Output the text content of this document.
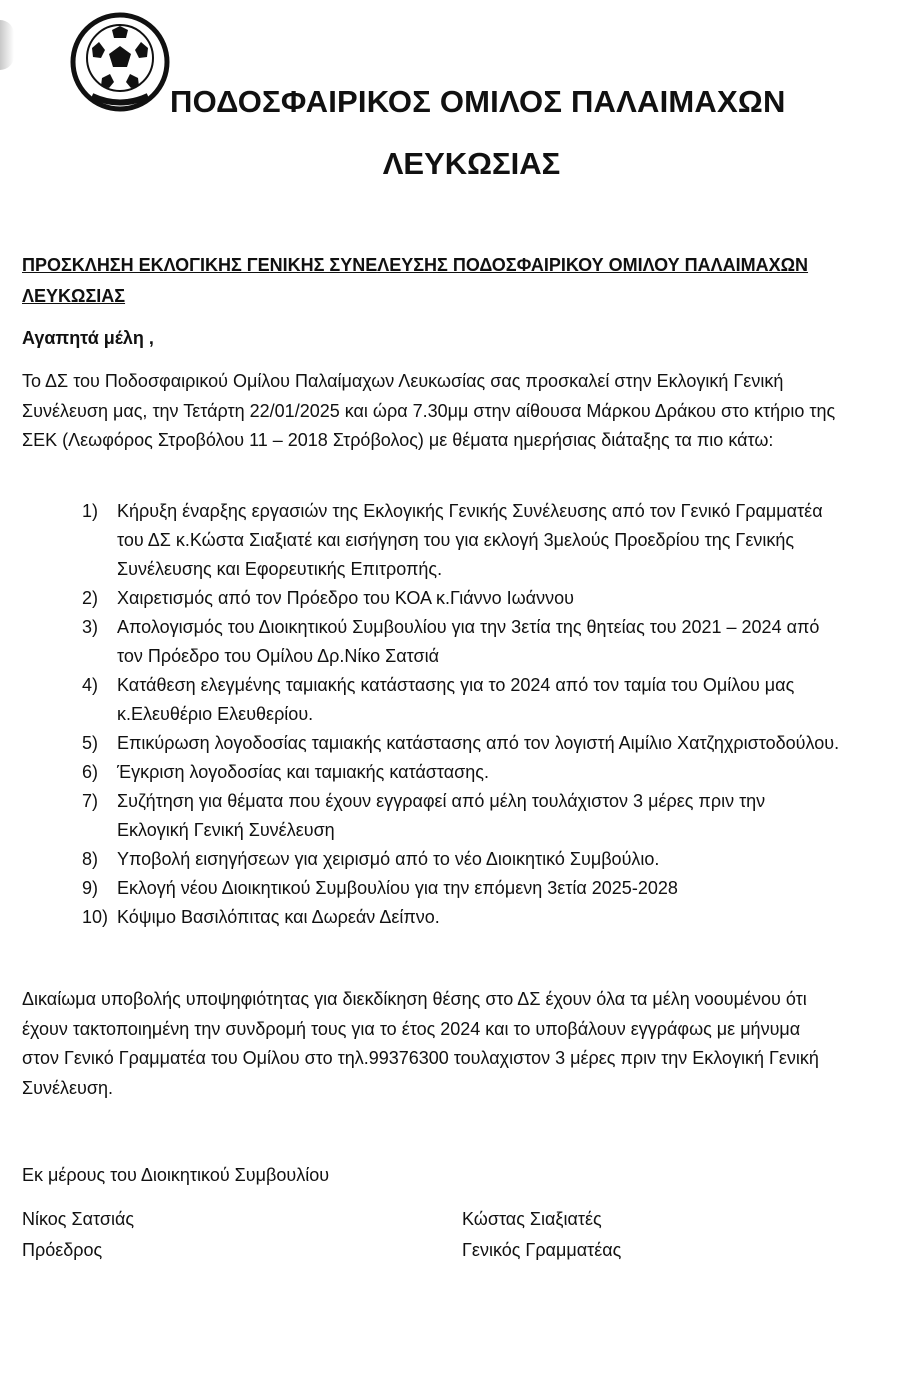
ΠΟΔΟΣΦΑΙΡΙΚΟΣ ΟΜΙΛΟΣ ΠΑΛΑΙΜΑΧΩΝ
ΛΕΥΚΩΣΙΑΣ
ΠΡΟΣΚΛΗΣΗ ΕΚΛΟΓΙΚΗΣ ΓΕΝΙΚΗΣ ΣΥΝΕΛΕΥΣΗΣ ΠΟΔΟΣΦΑΙΡΙΚΟΥ ΟΜΙΛΟΥ ΠΑΛΑΙΜΑΧΩΝ ΛΕΥΚΩΣΙΑΣ
Αγαπητά μέλη ,
Το ΔΣ του Ποδοσφαιρικού Ομίλου Παλαίμαχων Λευκωσίας σας προσκαλεί στην Εκλογική Γενική Συνέλευση μας, την Τετάρτη 22/01/2025 και ώρα 7.30μμ στην αίθουσα Μάρκου Δράκου στο κτήριο της ΣΕΚ (Λεωφόρος Στροβόλου 11 – 2018 Στρόβολος) με θέματα ημερήσιας διάταξης τα πιο κάτω:
1)	Κήρυξη έναρξης εργασιών της Εκλογικής Γενικής Συνέλευσης από τον Γενικό Γραμματέα του ΔΣ κ.Κώστα Σιαξιατέ και εισήγηση του για εκλογή 3μελούς Προεδρίου της Γενικής Συνέλευσης και Εφορευτικής Επιτροπής.
2)	Χαιρετισμός από τον Πρόεδρο του ΚΟΑ κ.Γιάννο Ιωάννου
3)	Απολογισμός του Διοικητικού Συμβουλίου για την 3ετία της θητείας του 2021 – 2024 από τον Πρόεδρο του Ομίλου Δρ.Νίκο Σατσιά
4)	Κατάθεση ελεγμένης ταμιακής κατάστασης για το 2024 από τον ταμία του Ομίλου μας κ.Ελευθέριο Ελευθερίου.
5)	Επικύρωση λογοδοσίας ταμιακής κατάστασης από τον λογιστή Αιμίλιο Χατζηχριστοδούλου.
6)	Έγκριση λογοδοσίας και ταμιακής κατάστασης.
7)	Συζήτηση για θέματα που έχουν εγγραφεί από μέλη τουλάχιστον 3 μέρες πριν την Εκλογική Γενική Συνέλευση
8)	Υποβολή εισηγήσεων για χειρισμό από το νέο Διοικητικό Συμβούλιο.
9)	Εκλογή νέου Διοικητικού Συμβουλίου για την επόμενη 3ετία 2025-2028
10) Κόψιμο Βασιλόπιτας και Δωρεάν Δείπνο.
Δικαίωμα υποβολής υποψηφιότητας για διεκδίκηση θέσης στο ΔΣ έχουν όλα τα μέλη νοουμένου ότι έχουν τακτοποιημένη την συνδρομή τους για το έτος 2024 και το υποβάλουν εγγράφως με μήνυμα στον Γενικό Γραμματέα του Ομίλου στο τηλ.99376300 τουλαχιστον 3 μέρες πριν την Εκλογική Γενική Συνέλευση.
Εκ μέρους του Διοικητικού Συμβουλίου
Νίκος Σατσιάς
Πρόεδρος
Κώστας Σιαξιατές
Γενικός Γραμματέας
